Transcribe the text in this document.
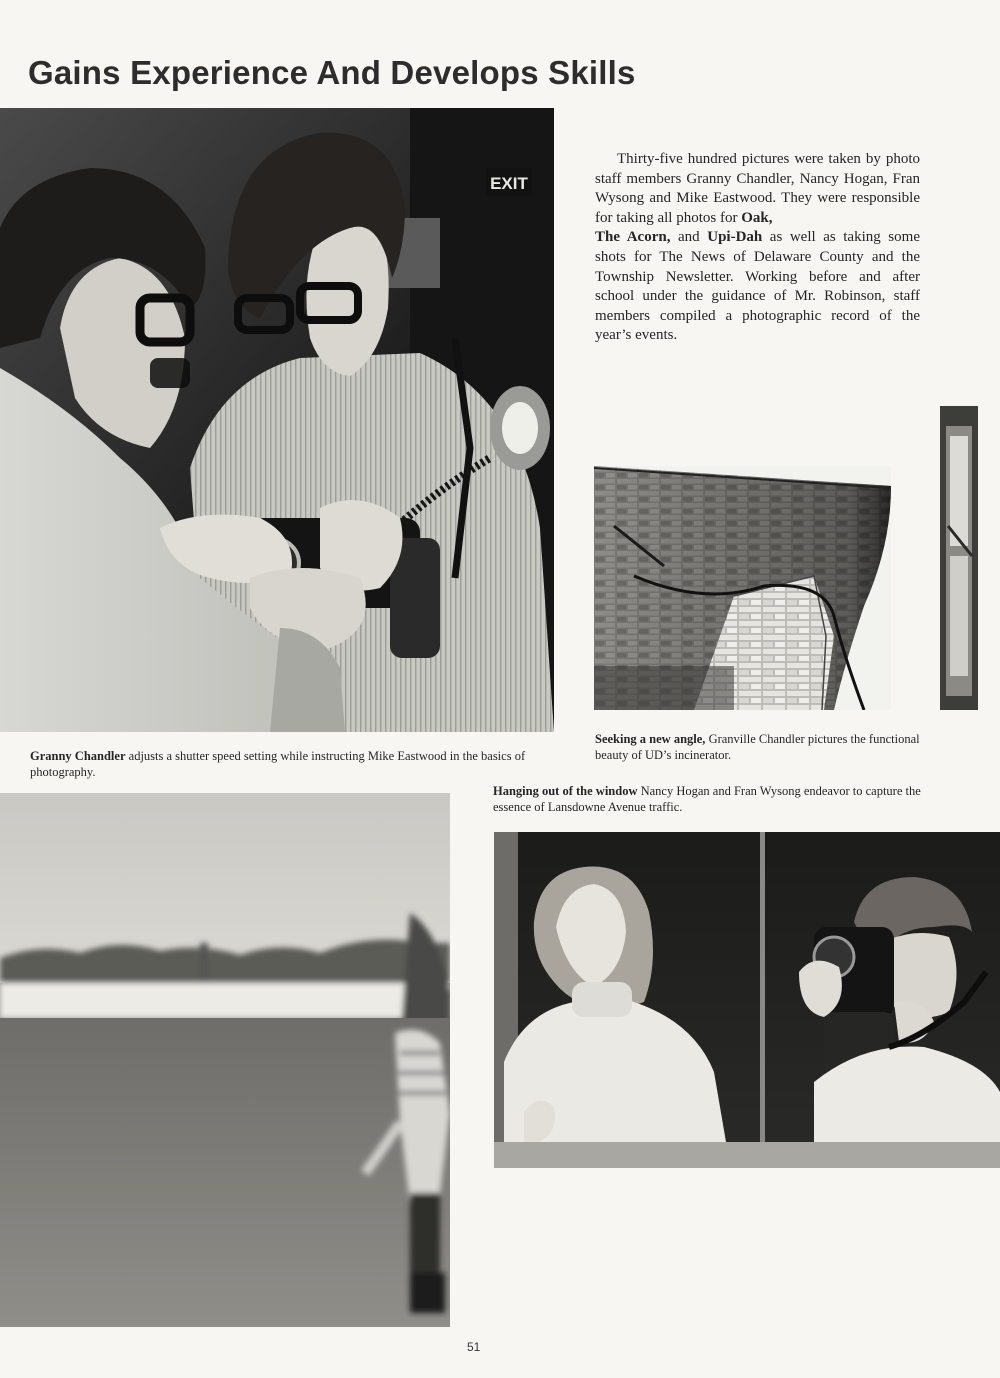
Gains Experience And Develops Skills
EXIT

Thirty-five hundred pictures were taken by photo staff members Granny Chandler, Nancy Hogan, Fran Wysong and Mike Eastwood. They were responsible for taking all photos for Oak,
The Acorn, and Upi-Dah as well as taking some shots for The News of Delaware County and the Township Newsletter. Working before and after school under the guidance of Mr. Robinson, staff members compiled a photographic record of the year’s events.

Granny Chandler adjusts a shutter speed setting while instructing Mike Eastwood in the basics of photography.

Seeking a new angle, Granville Chandler pictures the functional beauty of UD’s incinerator.

Hanging out of the window Nancy Hogan and Fran Wysong endeavor to capture the essence of Lansdowne Avenue traffic.

51
